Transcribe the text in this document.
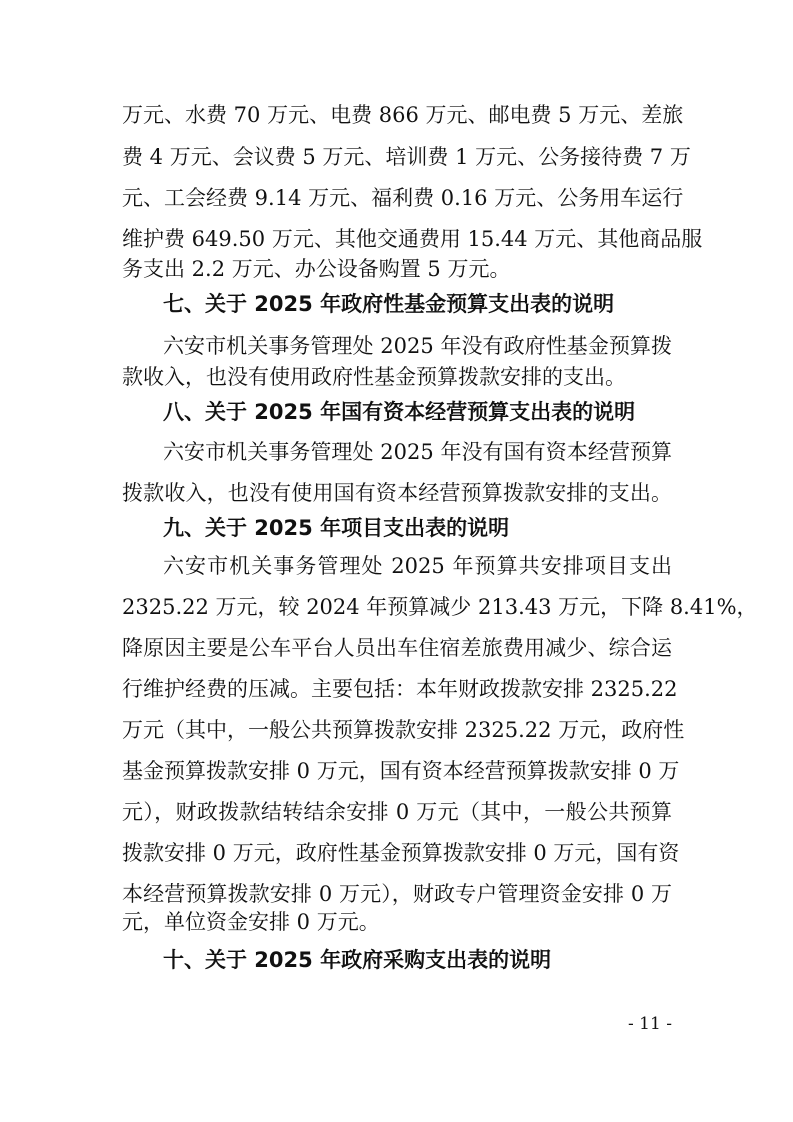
万元、水费 70 万元、电费 866 万元、邮电费 5 万元、差旅
费 4 万元、会议费 5 万元、培训费 1 万元、公务接待费 7 万
元、工会经费 9.14 万元、福利费 0.16 万元、公务用车运行
维护费 649.50 万元、其他交通费用 15.44 万元、其他商品服
务支出 2.2 万元、办公设备购置 5 万元。
七、关于 2025 年政府性基金预算支出表的说明
六安市机关事务管理处 2025 年没有政府性基金预算拨
款收入，也没有使用政府性基金预算拨款安排的支出。
八、关于 2025 年国有资本经营预算支出表的说明
六安市机关事务管理处 2025 年没有国有资本经营预算
拨款收入，也没有使用国有资本经营预算拨款安排的支出。
九、关于 2025 年项目支出表的说明
六安市机关事务管理处 2025 年预算共安排项目支出
2325.22 万元，较 2024 年预算减少 213.43 万元，下降 8.41%，
降原因主要是公车平台人员出车住宿差旅费用减少、综合运
行维护经费的压减。主要包括：本年财政拨款安排 2325.22
万元（其中，一般公共预算拨款安排 2325.22 万元，政府性
基金预算拨款安排 0 万元，国有资本经营预算拨款安排 0 万
元），财政拨款结转结余安排 0 万元（其中，一般公共预算
拨款安排 0 万元，政府性基金预算拨款安排 0 万元，国有资
本经营预算拨款安排 0 万元），财政专户管理资金安排 0 万
元，单位资金安排 0 万元。
十、关于 2025 年政府采购支出表的说明
- 11 -
